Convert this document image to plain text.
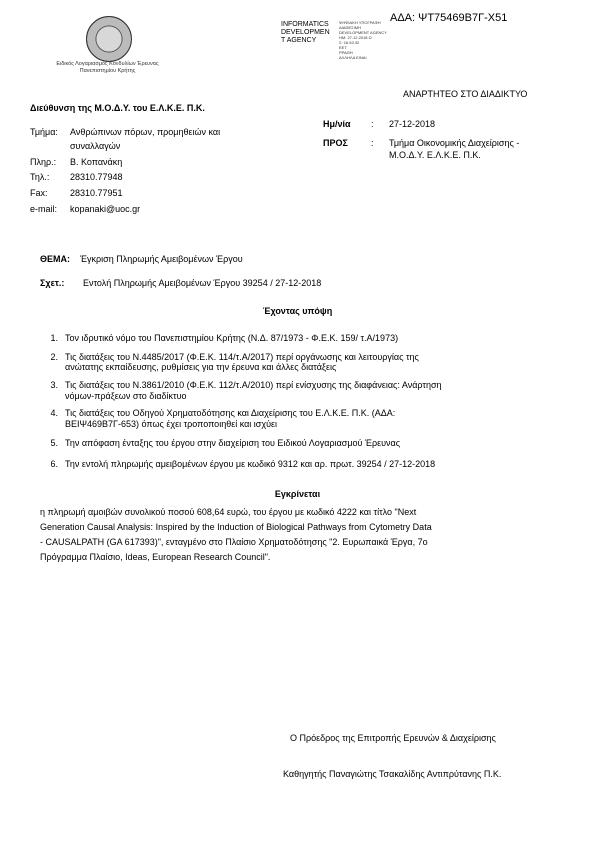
Ειδικός Λογαριασμός Κονδυλίων Έρευνας
Πανεπιστημίου Κρήτης
INFORMATICS
DEVELOPMEN
T AGENCY
ΨΗΦΙΑΚΗ ΥΠΟΓΡΑΦΗ
ΔΙΑΘΕΣΙΜΗ
DEVELOPMENT AGENCY
ΗΜ: 27.12.2018 Ω
Σ: 16.53.32
EET
ΡΡΑΘΗ
ΑΛΛΗΛΑ ΕΙΝΑΙ
ΑΔΑ: ΨΤ75469Β7Γ-Χ51
ΑΝΑΡΤΗΤΕΟ ΣΤΟ ΔΙΑΔΙΚΤΥΟ
Διεύθυνση της Μ.Ο.Δ.Υ. του Ε.Λ.Κ.Ε. Π.Κ.
Τμήμα: Ανθρώπινων πόρων, προμηθειών και
συναλλαγών
Πληρ.: Β. Κοπανάκη
Τηλ.: 28310.77948
Fax: 28310.77951
e-mail: kopanaki@uoc.gr
Ημ/νία : 27-12-2018
ΠΡΟΣ	: Τμήμα Οικονομικής Διαχείρισης -
Μ.Ο.Δ.Υ. Ε.Λ.Κ.Ε. Π.Κ.
ΘΕΜΑ: Έγκριση Πληρωμής Αμειβομένων Έργου
Σχετ.: Εντολή Πληρωμής Αμειβομένων Έργου 39254 / 27-12-2018
Έχοντας υπόψη
1. Τον ιδρυτικό νόμο του Πανεπιστημίου Κρήτης (Ν.Δ. 87/1973 - Φ.Ε.Κ. 159/ τ.Α/1973)
2. Τις διατάξεις του Ν.4485/2017 (Φ.Ε.Κ. 114/τ.Α/2017) περί οργάνωσης και λειτουργίας της
ανώτατης εκπαίδευσης, ρυθμίσεις για την έρευνα και άλλες διατάξεις
3. Τις διατάξεις του Ν.3861/2010 (Φ.Ε.Κ. 112/τ.Α/2010) περί ενίσχυσης της διαφάνειας: Ανάρτηση
νόμων-πράξεων στο διαδίκτυο
4. Τις διατάξεις του Οδηγού Χρηματοδότησης και Διαχείρισης του Ε.Λ.Κ.Ε. Π.Κ. (ΑΔΑ:
ΒΕΙΨ469Β7Γ-653) όπως έχει τροποποιηθεί και ισχύει
5. Την απόφαση ένταξης του έργου στην διαχείριση του Ειδικού Λογαριασμού Έρευνας
6. Την εντολή πληρωμής αμειβομένων έργου με κωδικό 9312 και αρ. πρωτ. 39254 / 27-12-2018
Εγκρίνεται
η πληρωμή αμοιβών συνολικού ποσού 608,64 ευρώ, του έργου με κωδικό 4222 και τίτλο "Next
Generation Causal Analysis: Inspired by the Induction of Biological Pathways from Cytometry Data
- CAUSALPATH (GA 617393)", ενταγμένο στο Πλαίσιο Χρηματοδότησης "2. Ευρωπαικά Έργα, 7ο
Πρόγραμμα Πλαίσιο, Ideas, European Research Council".
Ο Πρόεδρος της Επιτροπής Ερευνών & Διαχείρισης
Καθηγητής Παναγιώτης Τσακαλίδης Αντιπρύτανης Π.Κ.
